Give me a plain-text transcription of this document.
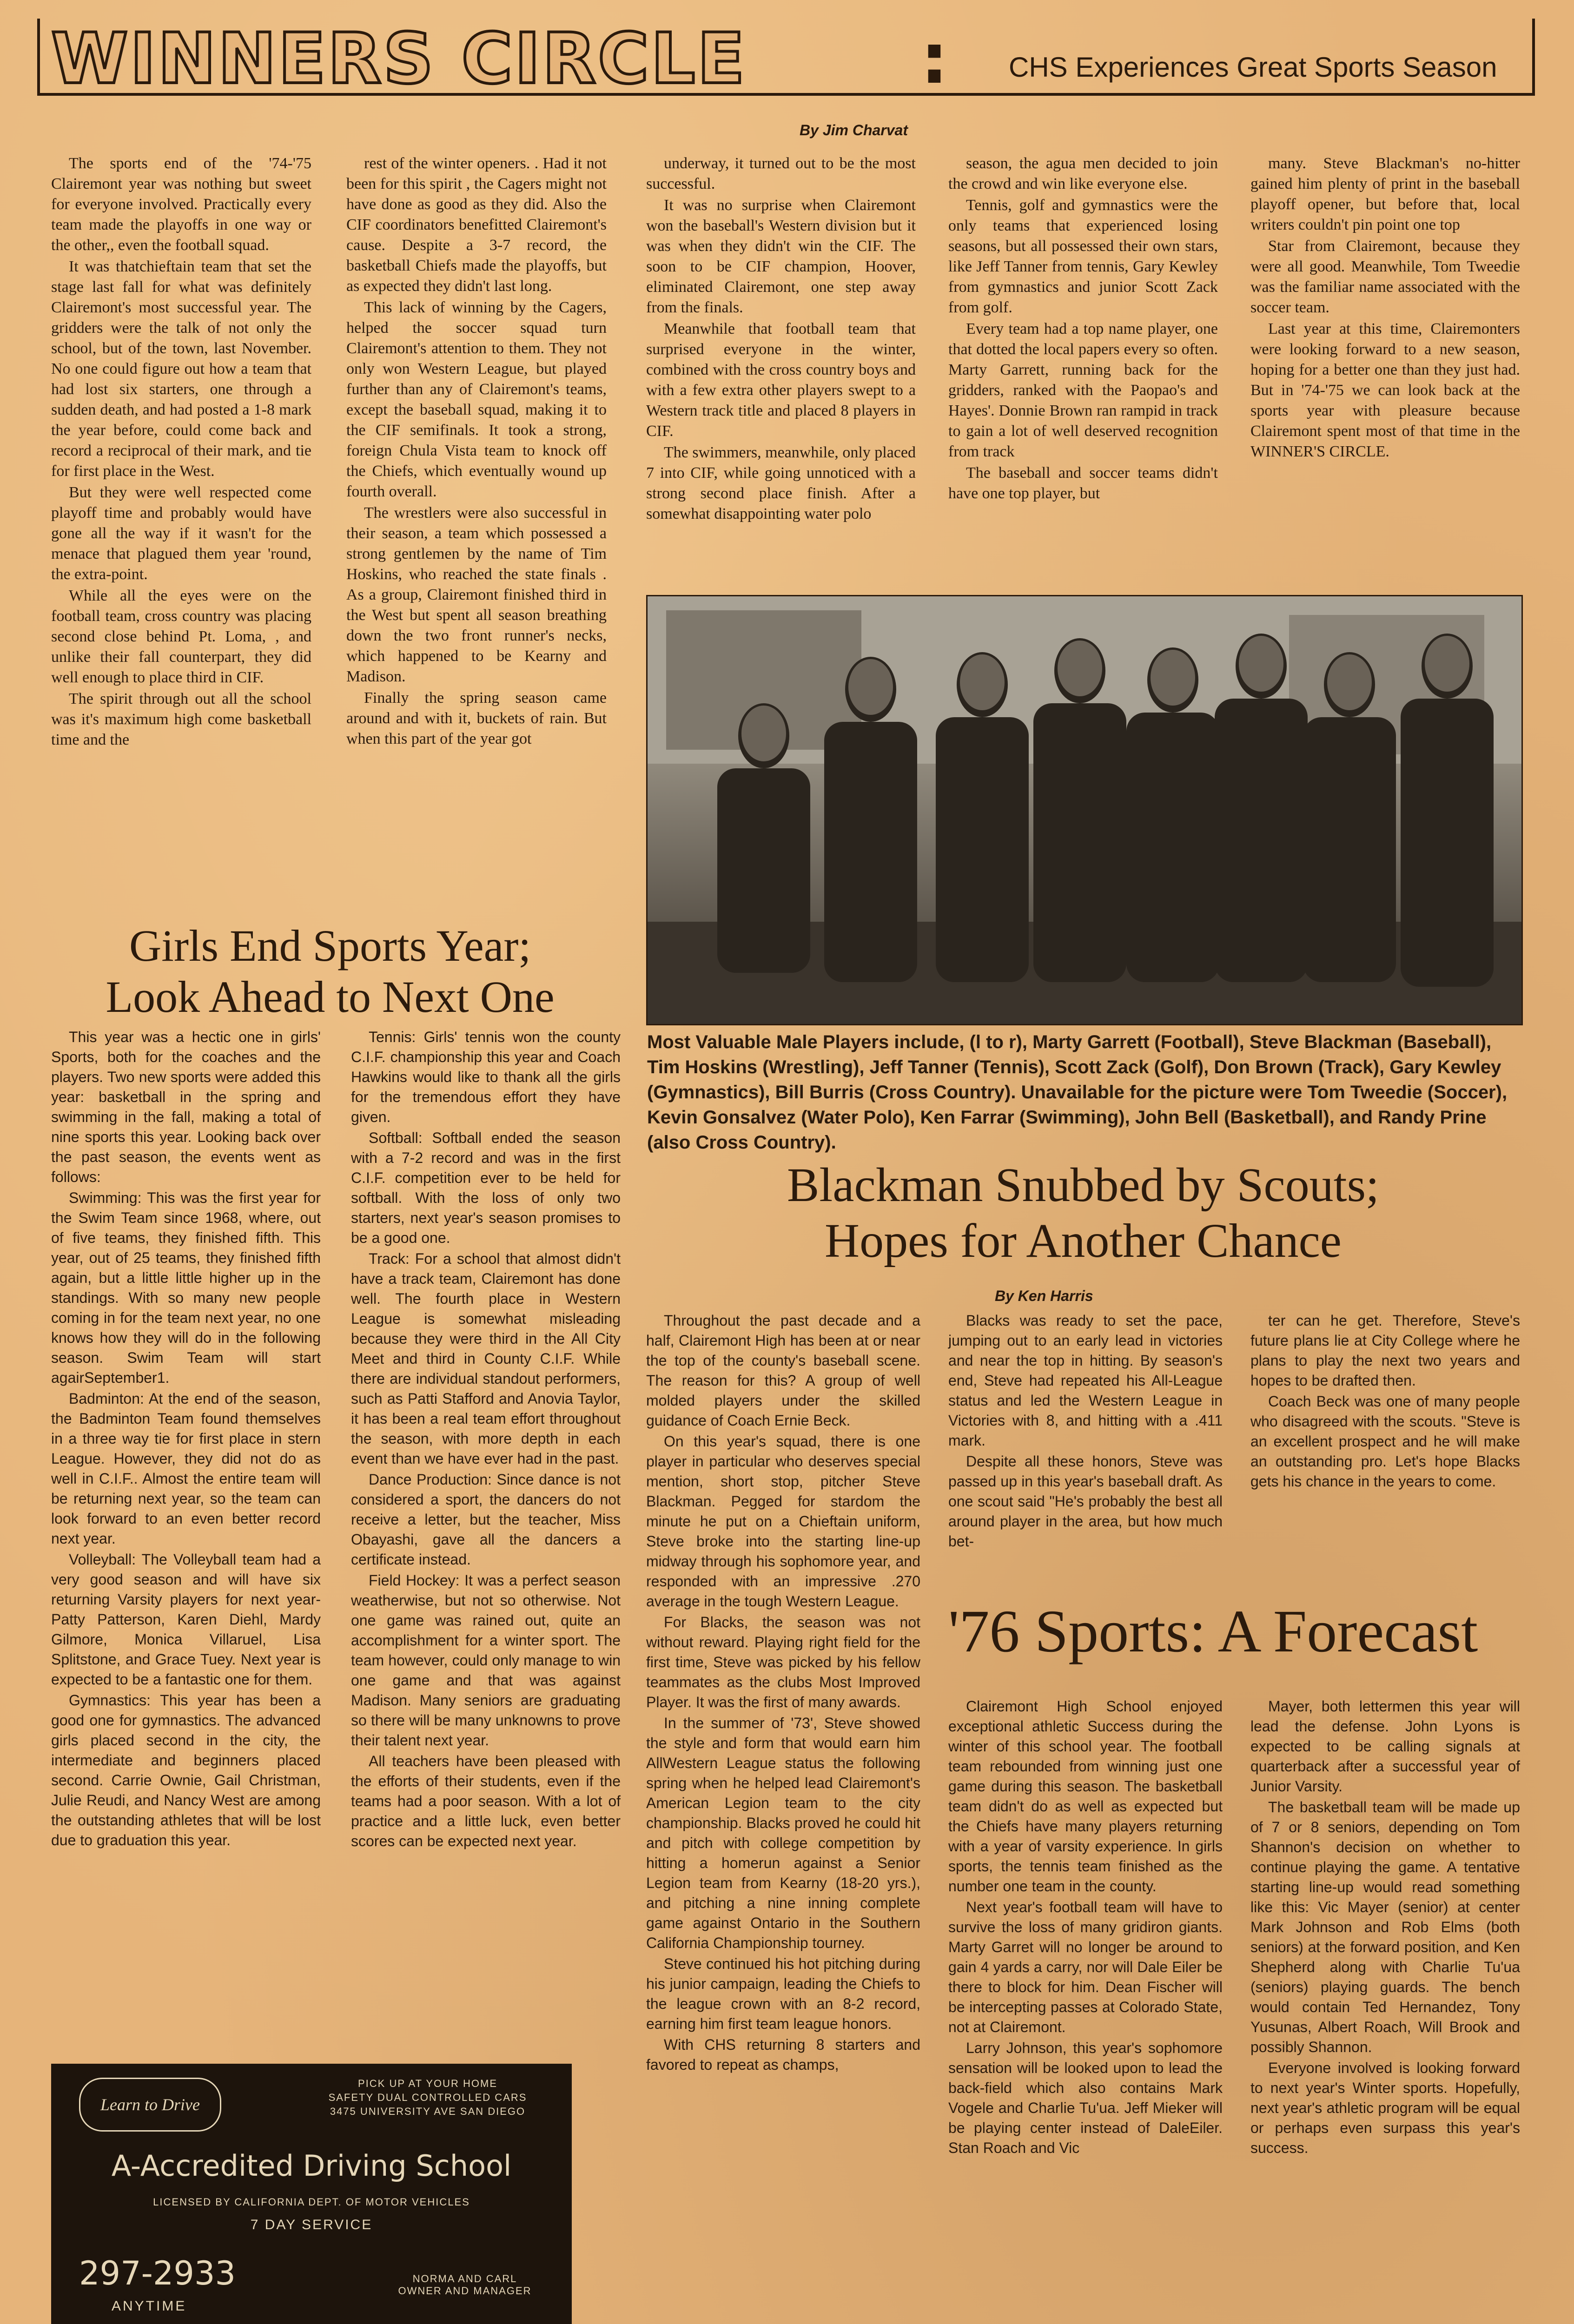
WINNERS CIRCLE : CHS Experiences Great Sports Season
By Jim Charvat

The sports end of the '74-'75 Clairemont year was nothing but sweet for everyone involved. Practically every team made the playoffs in one way or the other,, even the football squad.

It was thatchieftain team that set the stage last fall for what was definitely Clairemont's most successful year. The gridders were the talk of not only the school, but of the town, last November. No one could figure out how a team that had lost six starters, one through a sudden death, and had posted a 1-8 mark the year before, could come back and record a reciprocal of their mark, and tie for first place in the West.

But they were well respected come playoff time and probably would have gone all the way if it wasn't for the menace that plagued them year 'round, the extra-point.

While all the eyes were on the football team, cross country was placing second close behind Pt. Loma, , and unlike their fall counterpart, they did well enough to place third in CIF.

The spirit through out all the school was it's maximum high come basketball time and the

rest of the winter openers. . Had it not been for this spirit , the Cagers might not have done as good as they did. Also the CIF coordinators benefitted Clairemont's cause. Despite a 3-7 record, the basketball Chiefs made the playoffs, but as expected they didn't last long.

This lack of winning by the Cagers, helped the soccer squad turn Clairemont's attention to them. They not only won Western League, but played further than any of Clairemont's teams, except the baseball squad, making it to the CIF semifinals. It took a strong, foreign Chula Vista team to knock off the Chiefs, which eventually wound up fourth overall.

The wrestlers were also successful in their season, a team which possessed a strong gentlemen by the name of Tim Hoskins, who reached the state finals . As a group, Clairemont finished third in the West but spent all season breathing down the two front runner's necks, which happened to be Kearny and Madison.

Finally the spring season came around and with it, buckets of rain. But when this part of the year got

underway, it turned out to be the most successful.

It was no surprise when Clairemont won the baseball's Western division but it was when they didn't win the CIF. The soon to be CIF champion, Hoover, eliminated Clairemont, one step away from the finals.

Meanwhile that football team that surprised everyone in the winter, combined with the cross country boys and with a few extra other players swept to a Western track title and placed 8 players in CIF.

The swimmers, meanwhile, only placed 7 into CIF, while going unnoticed with a strong second place finish. After a somewhat disappointing water polo

season, the agua men decided to join the crowd and win like everyone else.

Tennis, golf and gymnastics were the only teams that experienced losing seasons, but all possessed their own stars, like Jeff Tanner from tennis, Gary Kewley from gymnastics and junior Scott Zack from golf.

Every team had a top name player, one that dotted the local papers every so often. Marty Garrett, running back for the gridders, ranked with the Paopao's and Hayes'. Donnie Brown ran rampid in track to gain a lot of well deserved recognition from track

The baseball and soccer teams didn't have one top player, but

many. Steve Blackman's no-hitter gained him plenty of print in the baseball playoff opener, but before that, local writers couldn't pin point one top

Star from Clairemont, because they were all good. Meanwhile, Tom Tweedie was the familiar name associated with the soccer team.

Last year at this time, Clairemonters were looking forward to a new season, hoping for a better one than they just had. But in '74-'75 we can look back at the sports year with pleasure because Clairemont spent most of that time in the WINNER'S CIRCLE.

Most Valuable Male Players include, (l to r), Marty Garrett (Football), Steve Blackman (Baseball), Tim Hoskins (Wrestling), Jeff Tanner (Tennis), Scott Zack (Golf), Don Brown (Track), Gary Kewley (Gymnastics), Bill Burris (Cross Country). Unavailable for the picture were Tom Tweedie (Soccer), Kevin Gonsalvez (Water Polo), Ken Farrar (Swimming), John Bell (Basketball), and Randy Prine (also Cross Country).
Girls End Sports Year;
Look Ahead to Next One

This year was a hectic one in girls' Sports, both for the coaches and the players. Two new sports were added this year: basketball in the spring and swimming in the fall, making a total of nine sports this year. Looking back over the past season, the events went as follows:

Swimming: This was the first year for the Swim Team since 1968, where, out of five teams, they finished fifth. This year, out of 25 teams, they finished fifth again, but a little little higher up in the standings. With so many new people coming in for the team next year, no one knows how they will do in the following season. Swim Team will start agairSeptember1.

Badminton: At the end of the season, the Badminton Team found themselves in a three way tie for first place in stern League. However, they did not do as well in C.I.F.. Almost the entire team will be returning next year, so the team can look forward to an even better record next year.

Volleyball: The Volleyball team had a very good season and will have six returning Varsity players for next year-Patty Patterson, Karen Diehl, Mardy Gilmore, Monica Villaruel, Lisa Splitstone, and Grace Tuey. Next year is expected to be a fantastic one for them.

Gymnastics: This year has been a good one for gymnastics. The advanced girls placed second in the city, the intermediate and beginners placed second. Carrie Ownie, Gail Christman, Julie Reudi, and Nancy West are among the outstanding athletes that will be lost due to graduation this year.

Tennis: Girls' tennis won the county C.I.F. championship this year and Coach Hawkins would like to thank all the girls for the tremendous effort they have given.

Softball: Softball ended the season with a 7-2 record and was in the first C.I.F. competition ever to be held for softball. With the loss of only two starters, next year's season promises to be a good one.

Track: For a school that almost didn't have a track team, Clairemont has done well. The fourth place in Western League is somewhat misleading because they were third in the All City Meet and third in County C.I.F. While there are individual standout performers, such as Patti Stafford and Anovia Taylor, it has been a real team effort throughout the season, with more depth in each event than we have ever had in the past.

Dance Production: Since dance is not considered a sport, the dancers do not receive a letter, but the teacher, Miss Obayashi, gave all the dancers a certificate instead.

Field Hockey: It was a perfect season weatherwise, but not so otherwise. Not one game was rained out, quite an accomplishment for a winter sport. The team however, could only manage to win one game and that was against Madison. Many seniors are graduating so there will be many unknowns to prove their talent next year.

All teachers have been pleased with the efforts of their students, even if the teams had a poor season. With a lot of practice and a little luck, even better scores can be expected next year.

Learn to Drive
PICK UP AT YOUR HOME
SAFETY DUAL CONTROLLED CARS
3475 UNIVERSITY AVE SAN DIEGO
A-Accredited Driving School
LICENSED BY CALIFORNIA DEPT. OF MOTOR VEHICLES
7 DAY SERVICE
297-2933
ANYTIME
NORMA AND CARL
OWNER AND MANAGER
Blackman Snubbed by Scouts;
Hopes for Another Chance
By Ken Harris

Throughout the past decade and a half, Clairemont High has been at or near the top of the county's baseball scene. The reason for this? A group of well molded players under the skilled guidance of Coach Ernie Beck.

On this year's squad, there is one player in particular who deserves special mention, short stop, pitcher Steve Blackman. Pegged for stardom the minute he put on a Chieftain uniform, Steve broke into the starting line-up midway through his sophomore year, and responded with an impressive .270 average in the tough Western League.

For Blacks, the season was not without reward. Playing right field for the first time, Steve was picked by his fellow teammates as the clubs Most Improved Player. It was the first of many awards.

In the summer of '73', Steve showed the style and form that would earn him AllWestern League status the following spring when he helped lead Clairemont's American Legion team to the city championship. Blacks proved he could hit and pitch with college competition by hitting a homerun against a Senior Legion team from Kearny (18-20 yrs.), and pitching a nine inning complete game against Ontario in the Southern California Championship tourney.

Steve continued his hot pitching during his junior campaign, leading the Chiefs to the league crown with an 8-2 record, earning him first team league honors.

With CHS returning 8 starters and favored to repeat as champs,

Blacks was ready to set the pace, jumping out to an early lead in victories and near the top in hitting. By season's end, Steve had repeated his All-League status and led the Western League in Victories with 8, and hitting with a .411 mark.

Despite all these honors, Steve was passed up in this year's baseball draft. As one scout said "He's probably the best all around player in the area, but how much bet-

ter can he get. Therefore, Steve's future plans lie at City College where he plans to play the next two years and hopes to be drafted then.

Coach Beck was one of many people who disagreed with the scouts. "Steve is an excellent prospect and he will make an outstanding pro. Let's hope Blacks gets his chance in the years to come.

'76 Sports: A Forecast

Clairemont High School enjoyed exceptional athletic Success during the winter of this school year. The football team rebounded from winning just one game during this season. The basketball team didn't do as well as expected but the Chiefs have many players returning with a year of varsity experience. In girls sports, the tennis team finished as the number one team in the county.

Next year's football team will have to survive the loss of many gridiron giants. Marty Garret will no longer be around to gain 4 yards a carry, nor will Dale Eiler be there to block for him. Dean Fischer will be intercepting passes at Colorado State, not at Clairemont.

Larry Johnson, this year's sophomore sensation will be looked upon to lead the back-field which also contains Mark Vogele and Charlie Tu'ua. Jeff Mieker will be playing center instead of DaleEiler. Stan Roach and Vic

Mayer, both lettermen this year will lead the defense. John Lyons is expected to be calling signals at quarterback after a successful year of Junior Varsity.

The basketball team will be made up of 7 or 8 seniors, depending on Tom Shannon's decision on whether to continue playing the game. A tentative starting line-up would read something like this: Vic Mayer (senior) at center Mark Johnson and Rob Elms (both seniors) at the forward position, and Ken Shepherd along with Charlie Tu'ua (seniors) playing guards. The bench would contain Ted Hernandez, Tony Yusunas, Albert Roach, Will Brook and possibly Shannon.

Everyone involved is looking forward to next year's Winter sports. Hopefully, next year's athletic program will be equal or perhaps even surpass this year's success.
